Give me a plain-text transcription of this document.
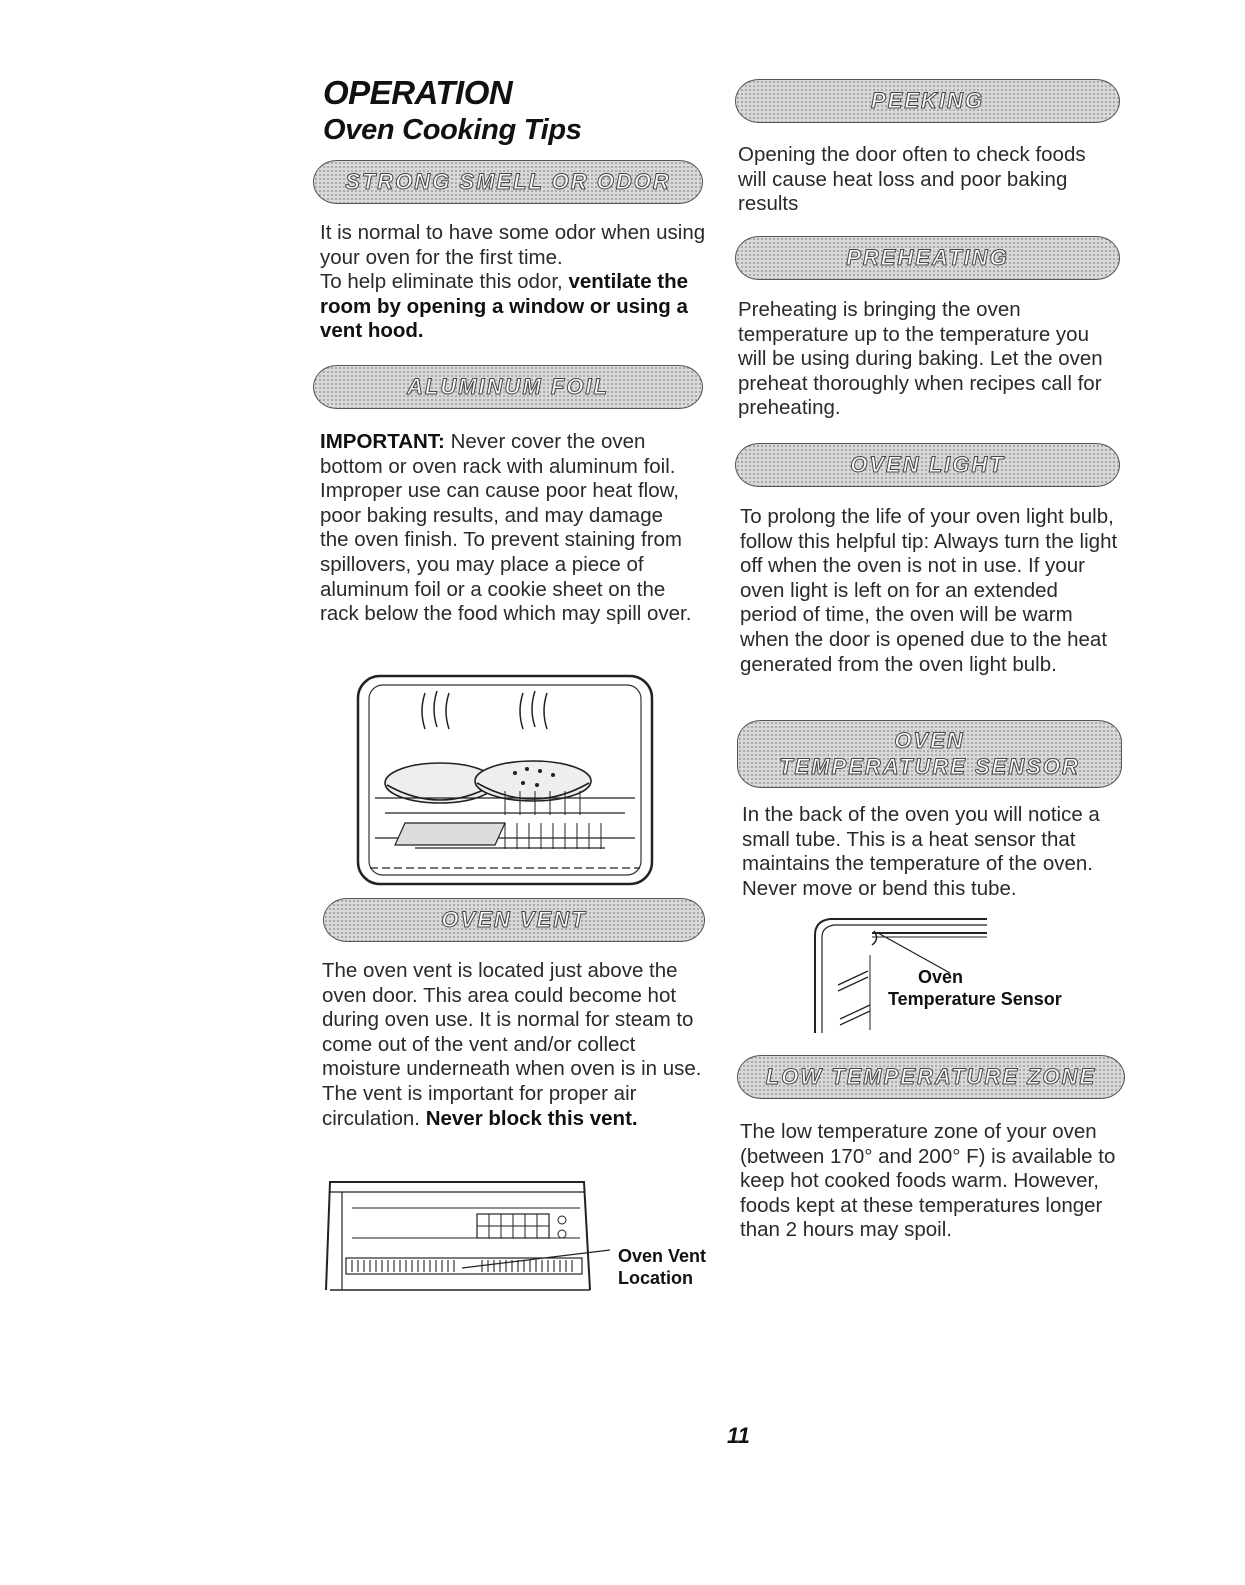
OPERATION
Oven Cooking Tips
STRONG SMELL OR ODOR

It is normal to have some odor when using your oven for the first time.
To help eliminate this odor, ventilate the room by opening a window or using a vent hood.

ALUMINUM FOIL

IMPORTANT: Never cover the oven bottom or oven rack with aluminum foil. Improper use can cause poor heat flow, poor baking results, and may damage the oven finish. To prevent staining from spillovers, you may place a piece of aluminum foil or a cookie sheet on the rack below the food which may spill over.

OVEN VENT

The oven vent is located just above the oven door. This area could become hot during oven use. It is normal for steam to come out of the vent and/or collect moisture underneath when oven is in use. The vent is important for proper air circulation. Never block this vent.

Oven Vent
Location
PEEKING

Opening the door often to check foods will cause heat loss and poor baking results

PREHEATING

Preheating is bringing the oven temperature up to the temperature you will be using during baking. Let the oven preheat thoroughly when recipes call for preheating.

OVEN LIGHT

To prolong the life of your oven light bulb, follow this helpful tip: Always turn the light off when the oven is not in use. If your oven light is left on for an extended period of time, the oven will be warm when the door is opened due to the heat generated from the oven light bulb.

OVEN
TEMPERATURE SENSOR

In the back of the oven you will notice a small tube. This is a heat sensor that maintains the temperature of the oven. Never move or bend this tube.

Oven
Temperature Sensor
LOW TEMPERATURE ZONE

The low temperature zone of your oven (between 170° and 200° F) is available to keep hot cooked foods warm. However, foods kept at these temperatures longer than 2 hours may spoil.

11
